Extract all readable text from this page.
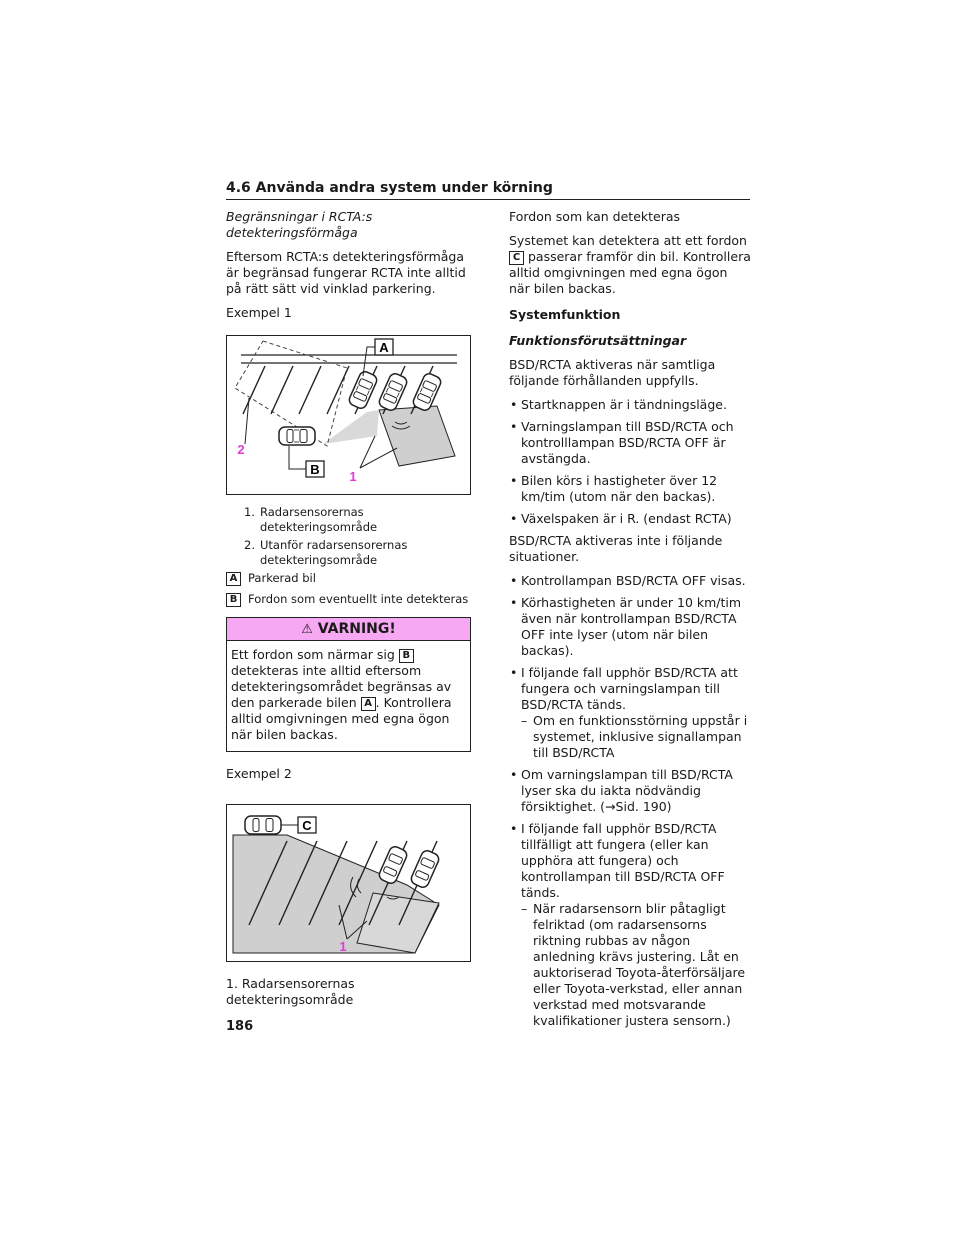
4.6 Använda andra system under körning

Begränsningar i RCTA:s detekteringsförmåga

Eftersom RCTA:s detekteringsförmåga är begränsad fungerar RCTA inte alltid på rätt sätt vid vinklad parkering.

Exempel 1

A
B 1
2
1. Radarsensorernas detekteringsområde
2. Utanför radarsensorernas detekteringsområde
A Parkerad bil
B Fordon som eventuellt inte detekteras
⚠ VARNING!
Ett fordon som närmar sig B detekteras inte alltid eftersom detekteringsområdet begränsas av den parkerade bilen A . Kontrollera alltid omgivningen med egna ögon när bilen backas.

Exempel 2

C
1

1. Radarsensorernas detekteringsområde

Fordon som kan detekteras

Systemet kan detektera att ett fordon C passerar framför din bil. Kontrollera alltid omgivningen med egna ögon när bilen backas.

Systemfunktion

Funktionsförutsättningar

BSD/RCTA aktiveras när samtliga följande förhållanden uppfylls.

• Startknappen är i tändningsläge.
• Varningslampan till BSD/RCTA och kontrolllampan BSD/RCTA OFF är avstängda.
• Bilen körs i hastigheter över 12 km/tim (utom när den backas).
• Växelspaken är i R. (endast RCTA)

BSD/RCTA aktiveras inte i följande situationer.

• Kontrollampan BSD/RCTA OFF visas.
• Körhastigheten är under 10 km/tim även när kontrollampan BSD/RCTA OFF inte lyser (utom när bilen backas).
• I följande fall upphör BSD/RCTA att fungera och varningslampan till BSD/RCTA tänds.
– Om en funktionsstörning uppstår i systemet, inklusive signallampan till BSD/RCTA
• Om varningslampan till BSD/RCTA lyser ska du iakta nödvändig försiktighet. (→Sid. 190)
• I följande fall upphör BSD/RCTA tillfälligt att fungera (eller kan upphöra att fungera) och kontrollampan till BSD/RCTA OFF tänds.
– När radarsensorn blir påtagligt felriktad (om radarsensorns riktning rubbas av någon anledning krävs justering. Låt en auktoriserad Toyota-återförsäljare eller Toyota-verkstad, eller annan verkstad med motsvarande kvalifikationer justera sensorn.)
186
